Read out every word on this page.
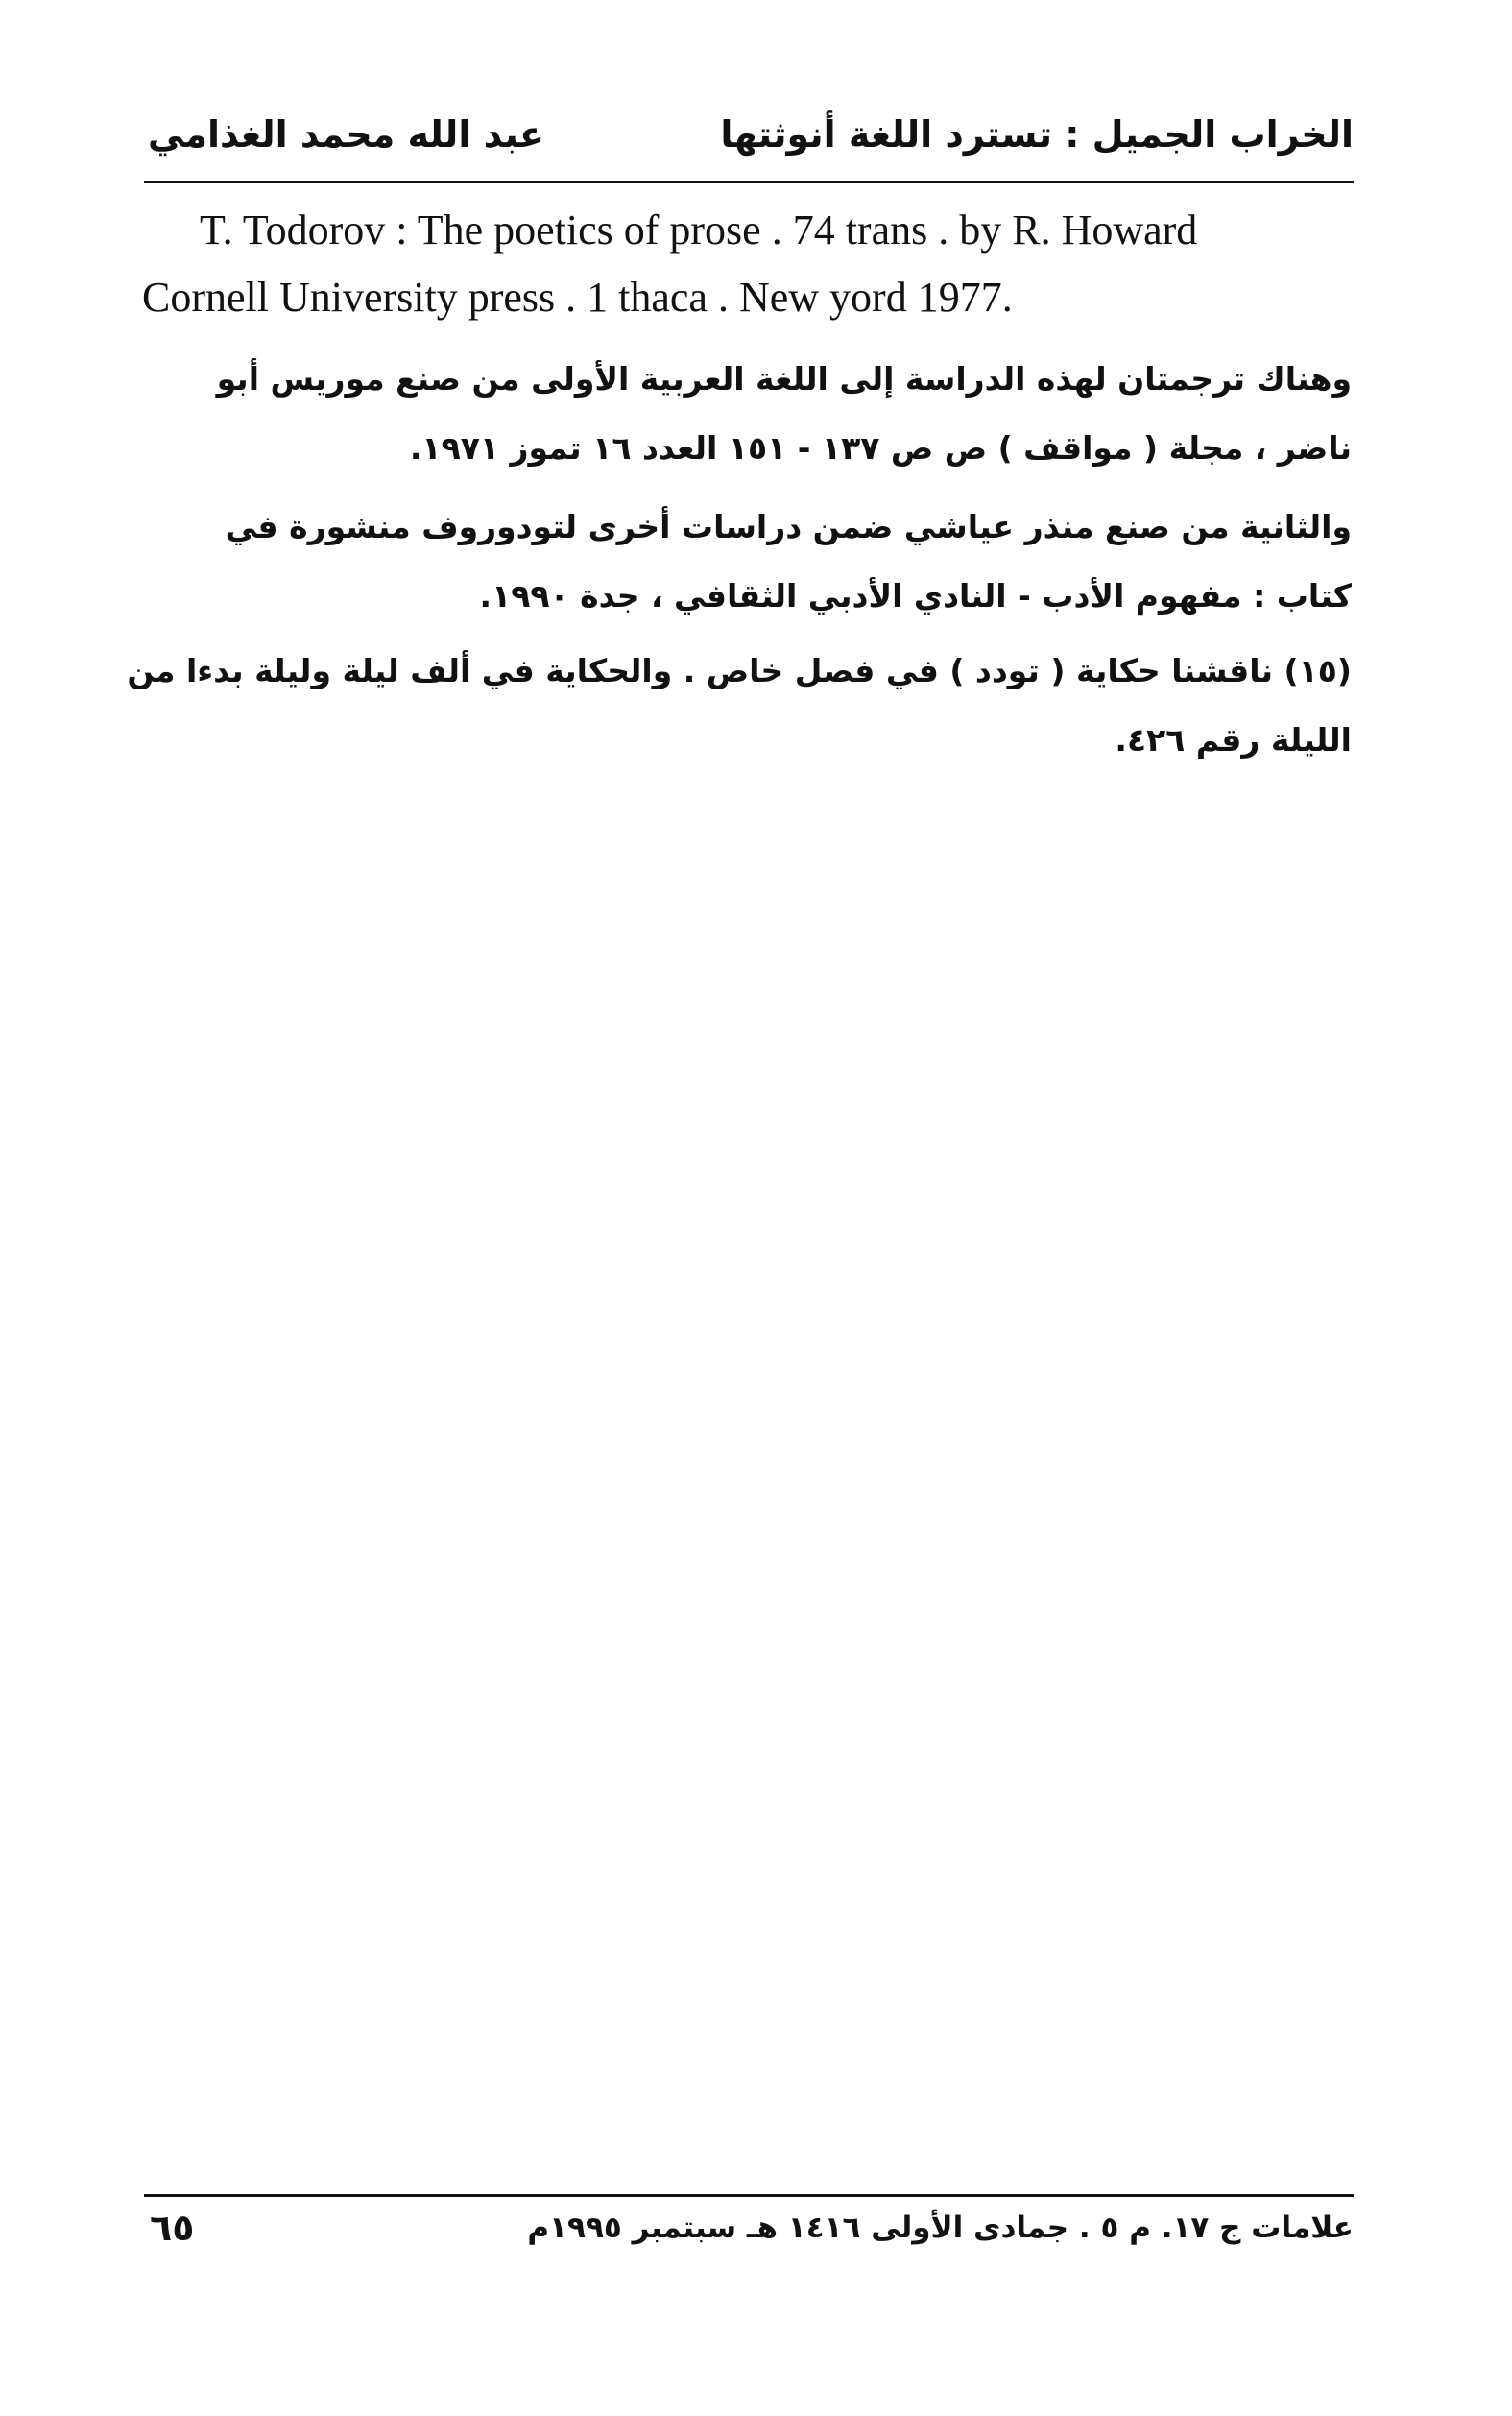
الخراب الجميل : تسترد اللغة أنوثتها
عبد الله محمد الغذامي

T. Todorov : The poetics of prose . 74 trans . by R. Howard
Cornell University press . 1 thaca . New yord 1977.

وهناك ترجمتان لهذه الدراسة إلى اللغة العربية الأولى من صنع موريس أبو
ناضر ، مجلة ( مواقف ) ص ص ١٣٧ - ١٥١ العدد ١٦ تموز ١٩٧١.

والثانية من صنع منذر عياشي ضمن دراسات أخرى لتودوروف منشورة في
كتاب : مفهوم الأدب - النادي الأدبي الثقافي ، جدة ١٩٩٠.

(١٥) ناقشنا حكاية ( تودد ) في فصل خاص . والحكاية في ألف ليلة وليلة بدءا من
الليلة رقم ٤٢٦.

٦٥	علامات ج ١٧. م ٥ . جمادى الأولى ١٤١٦ هـ سبتمبر ١٩٩٥م
